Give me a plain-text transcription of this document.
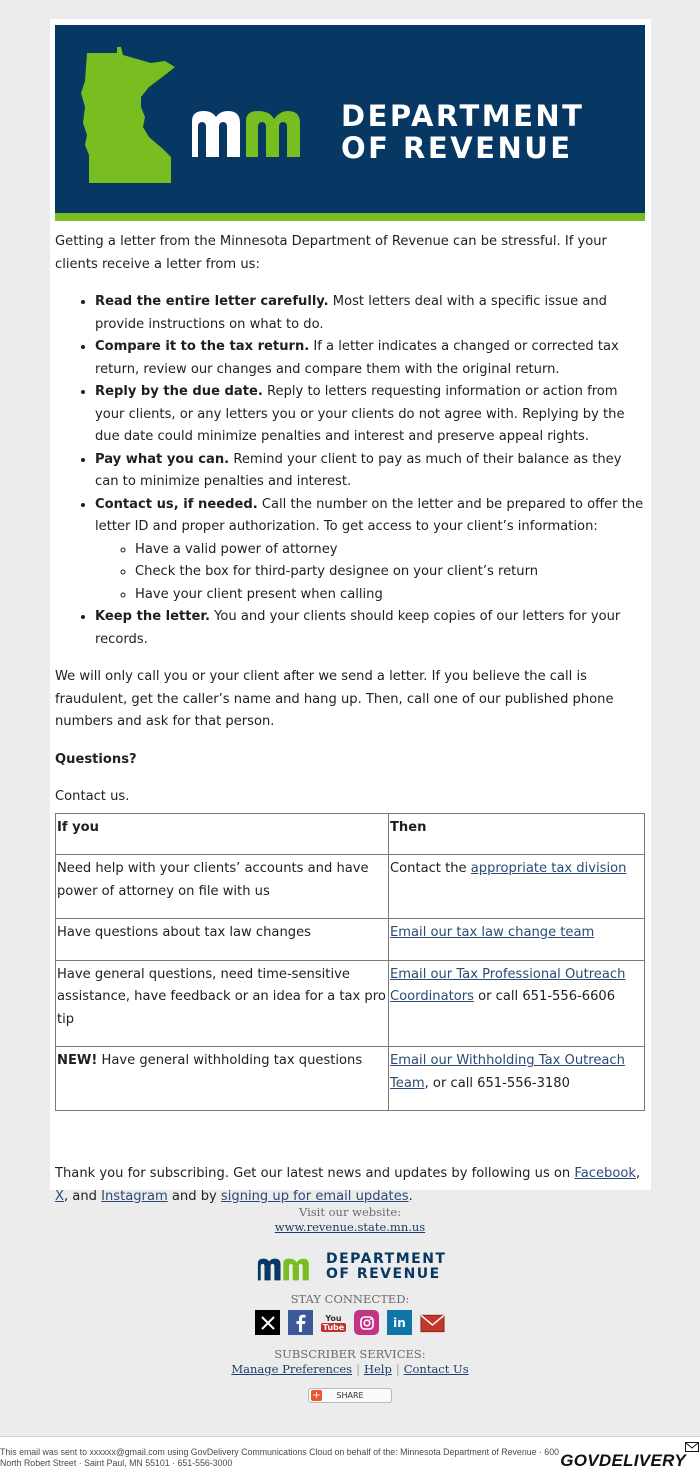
DEPARTMENT
OF REVENUE

Getting a letter from the Minnesota Department of Revenue can be stressful. If your clients receive a letter from us:

• Read the entire letter carefully. Most letters deal with a specific issue and provide instructions on what to do.
• Compare it to the tax return. If a letter indicates a changed or corrected tax return, review our changes and compare them with the original return.
• Reply by the due date. Reply to letters requesting information or action from your clients, or any letters you or your clients do not agree with. Replying by the due date could minimize penalties and interest and preserve appeal rights.
• Pay what you can. Remind your client to pay as much of their balance as they can to minimize penalties and interest.
• Contact us, if needed. Call the number on the letter and be prepared to offer the letter ID and proper authorization. To get access to your client’s information:
◦ Have a valid power of attorney
◦ Check the box for third-party designee on your client’s return
◦ Have your client present when calling
• Keep the letter. You and your clients should keep copies of our letters for your records.

We will only call you or your client after we send a letter. If you believe the call is fraudulent, get the caller’s name and hang up. Then, call one of our published phone numbers and ask for that person.

Questions?

Contact us.

If you	Then
Need help with your clients’ accounts and have power of attorney on file with us	Contact the appropriate tax division
Have questions about tax law changes	Email our tax law change team
Have general questions, need time-sensitive assistance, have feedback or an idea for a tax pro tip	Email our Tax Professional Outreach Coordinators or call 651-556-6606
NEW! Have general withholding tax questions	Email our Withholding Tax Outreach Team, or call 651-556-3180

Thank you for subscribing. Get our latest news and updates by following us on Facebook, X, and Instagram and by signing up for email updates.

Visit our website:
www.revenue.state.mn.us
DEPARTMENT
OF REVENUE
STAY CONNECTED:
You
Tube	in
SUBSCRIBER SERVICES:
Manage Preferences | Help | Contact Us
+ SHARE
This email was sent to xxxxxx@gmail.com using GovDelivery Communications Cloud on behalf of the: Minnesota Department of Revenue · 600 North Robert Street · Saint Paul, MN 55101 · 651-556-3000	GOVDELIVERY
